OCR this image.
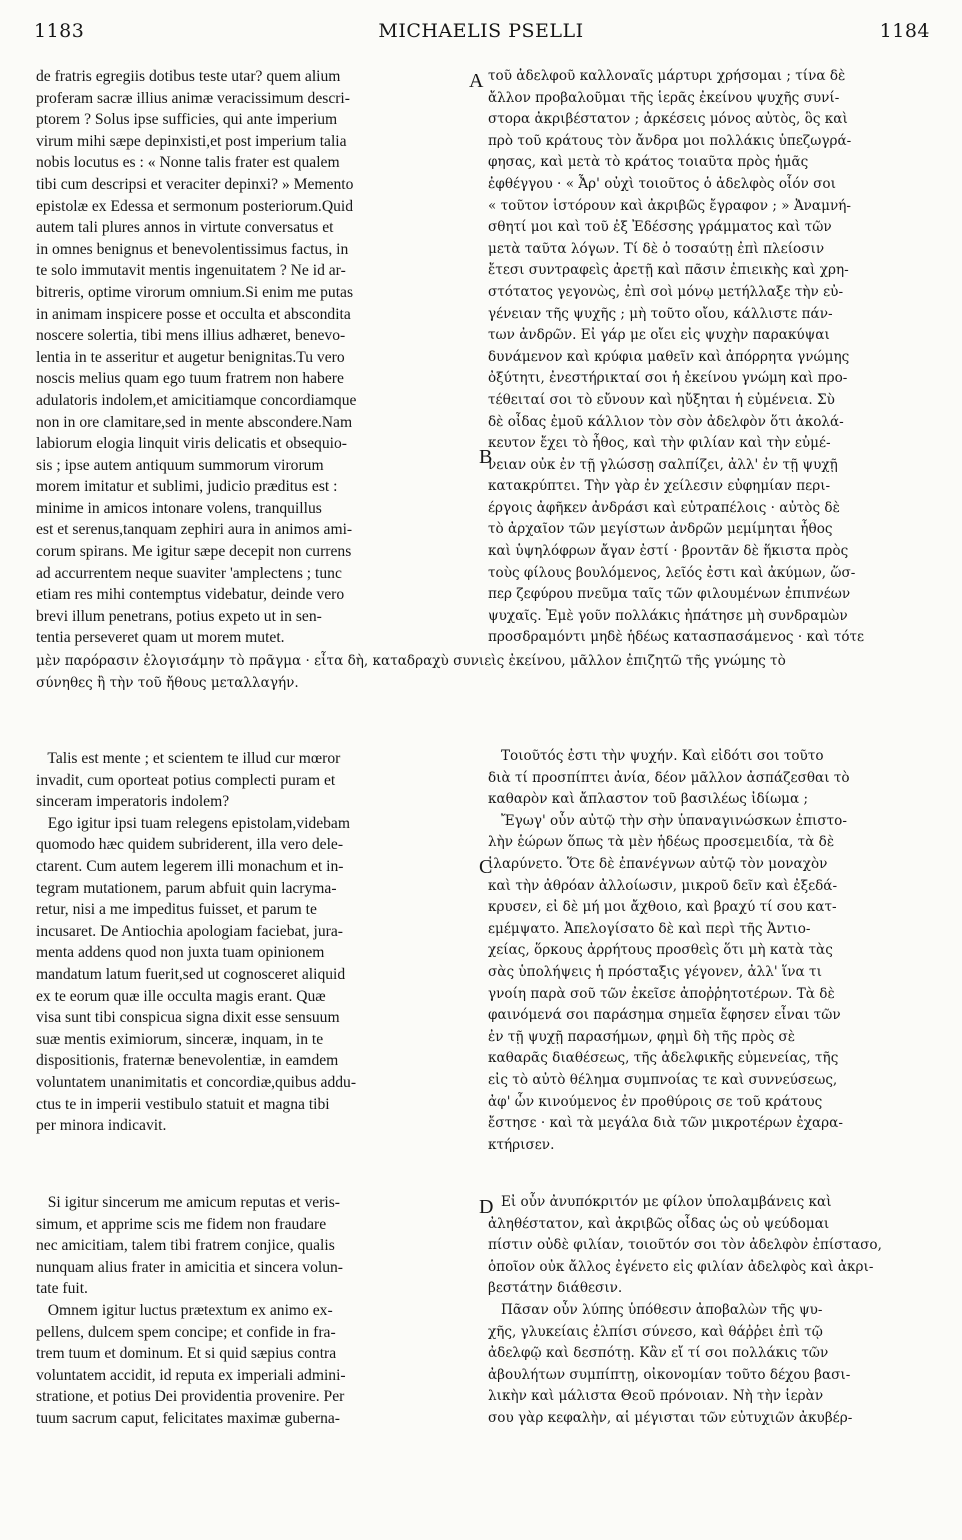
1183	MICHAELIS PSELLI	1184
A
B
C
D

de fratris egregiis dotibus teste utar? quem alium

proferam sacræ illius animæ veracissimum descri-

ptorem ? Solus ipse sufficies, qui ante imperium

virum mihi sæpe depinxisti,et post imperium talia

nobis locutus es : « Nonne talis frater est qualem

tibi cum descripsi et veraciter depinxi? » Memento

epistolæ ex Edessa et sermonum posteriorum.Quid

autem tali plures annos in virtute conversatus et

in omnes benignus et benevolentissimus factus, in

te solo immutavit mentis ingenuitatem ? Ne id ar-

bitreris, optime virorum omnium.Si enim me putas

in animam inspicere posse et occulta et abscondita

noscere solertia, tibi mens illius adhæret, benevo-

lentia in te asseritur et augetur benignitas.Tu vero

noscis melius quam ego tuum fratrem non habere

adulatoris indolem,et amicitiamque concordiamque

non in ore clamitare,sed in mente abscondere.Nam

labiorum elogia linquit viris delicatis et obsequio-

sis ; ipse autem antiquum summorum virorum

morem imitatur et sublimi, judicio præditus est :

minime in amicos intonare volens, tranquillus

est et serenus,tanquam zephiri aura in animos ami-

corum spirans. Me igitur sæpe decepit non currens

ad accurrentem neque suaviter 'amplectens ; tunc

etiam res mihi contemptus videbatur, deinde vero

brevi illum penetrans, potius expeto ut in sen-

tentia perseveret quam ut morem mutet.

τοῦ ἀδελφοῦ καλλοναῖς μάρτυρι χρήσομαι ; τίνα δὲ

ἄλλον προβαλοῦμαι τῆς ἱερᾶς ἐκείνου ψυχῆς συνί-

στορα ἀκριβέστατον ; ἀρκέσεις μόνος αὐτὸς, ὃς καὶ

πρὸ τοῦ κράτους τὸν ἄνδρα μοι πολλάκις ὑπεζωγρά-

φησας, καὶ μετὰ τὸ κράτος τοιαῦτα πρὸς ἡμᾶς

ἐφθέγγου · « Ἆρ' οὐχὶ τοιοῦτος ὁ ἀδελφὸς οἷόν σοι

« τοῦτον ἱστόρουν καὶ ἀκριβῶς ἔγραφον ; » Ἀναμνή-

σθητί μοι καὶ τοῦ ἐξ Ἐδέσσης γράμματος καὶ τῶν

μετὰ ταῦτα λόγων. Τί δὲ ὁ τοσαύτῃ ἐπὶ πλείοσιν

ἔτεσι συντραφεὶς ἀρετῇ καὶ πᾶσιν ἐπιεικὴς καὶ χρη-

στότατος γεγονὼς, ἐπὶ σοὶ μόνῳ μετήλλαξε τὴν εὐ-

γένειαν τῆς ψυχῆς ; μὴ τοῦτο οἴου, κάλλιστε πάν-

των ἀνδρῶν. Εἰ γάρ με οἴει εἰς ψυχὴν παρακύψαι

δυνάμενον καὶ κρύφια μαθεῖν καὶ ἀπόρρητα γνώμης

ὀξύτητι, ἐνεστήρικταί σοι ἡ ἐκείνου γνώμη καὶ προ-

τέθειταί σοι τὸ εὔνουν καὶ ηὔξηται ἡ εὐμένεια. Σὺ

δὲ οἶδας ἐμοῦ κάλλιον τὸν σὸν ἀδελφὸν ὅτι ἀκολά-

κευτον ἔχει τὸ ἦθος, καὶ τὴν φιλίαν καὶ τὴν εὐμέ-

νειαν οὐκ ἐν τῇ γλώσσῃ σαλπίζει, ἀλλ' ἐν τῇ ψυχῇ

κατακρύπτει. Τὴν γὰρ ἐν χείλεσιν εὐφημίαν περι-

έργοις ἀφῆκεν ἀνδράσι καὶ εὐτραπέλοις · αὐτὸς δὲ

τὸ ἀρχαῖον τῶν μεγίστων ἀνδρῶν μεμίμηται ἦθος

καὶ ὑψηλόφρων ἄγαν ἐστί · βροντᾶν δὲ ἥκιστα πρὸς

τοὺς φίλους βουλόμενος, λεῖός ἐστι καὶ ἀκύμων, ὥσ-

περ ζεφύρου πνεῦμα ταῖς τῶν φιλουμένων ἐπιπνέων

ψυχαῖς. Ἐμὲ γοῦν πολλάκις ἠπάτησε μὴ συνδραμὼν

προσδραμόντι μηδὲ ἡδέως κατασπασάμενος · καὶ τότε

μὲν παρόρασιν ἐλογισάμην τὸ πρᾶγμα · εἶτα δὴ, καταδραχὺ συνιεὶς ἐκείνου, μᾶλλον ἐπιζητῶ τῆς γνώμης τὸ

σύνηθες ἢ τὴν τοῦ ἤθους μεταλλαγήν.

Talis est mente ; et scientem te illud cur mœror

invadit, cum oporteat potius complecti puram et

sinceram imperatoris indolem?

Ego igitur ipsi tuam relegens epistolam,videbam

quomodo hæc quidem subriderent, illa vero dele-

ctarent. Cum autem legerem illi monachum et in-

tegram mutationem, parum abfuit quin lacryma-

retur, nisi a me impeditus fuisset, et parum te

incusaret. De Antiochia apologiam faciebat, jura-

menta addens quod non juxta tuam opinionem

mandatum latum fuerit,sed ut cognosceret aliquid

ex te eorum quæ ille occulta magis erant. Quæ

visa sunt tibi conspicua signa dixit esse sensuum

suæ mentis eximiorum, sinceræ, inquam, in te

dispositionis, fraternæ benevolentiæ, in eamdem

voluntatem unanimitatis et concordiæ,quibus addu-

ctus te in imperii vestibulo statuit et magna tibi

per minora indicavit.

Τοιοῦτός ἐστι τὴν ψυχήν. Καὶ εἰδότι σοι τοῦτο

διὰ τί προσπίπτει ἀνία, δέον μᾶλλον ἀσπάζεσθαι τὸ

καθαρὸν καὶ ἄπλαστον τοῦ βασιλέως ἰδίωμα ;

Ἔγωγ' οὖν αὐτῷ τὴν σὴν ὑπαναγινώσκων ἐπιστο-

λὴν ἑώρων ὅπως τὰ μὲν ἡδέως προσεμειδία, τὰ δὲ

ἱλαρύνετο. Ὅτε δὲ ἐπανέγνων αὐτῷ τὸν μοναχὸν

καὶ τὴν ἀθρόαν ἀλλοίωσιν, μικροῦ δεῖν καὶ ἐξεδά-

κρυσεν, εἰ δὲ μή μοι ἄχθοιο, καὶ βραχύ τί σου κατ-

εμέμψατο. Ἀπελογίσατο δὲ καὶ περὶ τῆς Ἀντιο-

χείας, ὅρκους ἀρρήτους προσθεὶς ὅτι μὴ κατὰ τὰς

σὰς ὑπολήψεις ἡ πρόσταξις γέγονεν, ἀλλ' ἵνα τι

γνοίη παρὰ σοῦ τῶν ἐκεῖσε ἀποῤῥητοτέρων. Τὰ δὲ

φαινόμενά σοι παράσημα σημεῖα ἔφησεν εἶναι τῶν

ἐν τῇ ψυχῇ παρασήμων, φημὶ δὴ τῆς πρὸς σὲ

καθαρᾶς διαθέσεως, τῆς ἀδελφικῆς εὐμενείας, τῆς

εἰς τὸ αὐτὸ θέλημα συμπνοίας τε καὶ συννεύσεως,

ἀφ' ὧν κινούμενος ἐν προθύροις σε τοῦ κράτους

ἔστησε · καὶ τὰ μεγάλα διὰ τῶν μικροτέρων ἐχαρα-

κτήρισεν.

Si igitur sincerum me amicum reputas et veris-

simum, et apprime scis me fidem non fraudare

nec amicitiam, talem tibi fratrem conjice, qualis

nunquam alius frater in amicitia et sincera volun-

tate fuit.

Omnem igitur luctus prætextum ex animo ex-

pellens, dulcem spem concipe; et confide in fra-

trem tuum et dominum. Et si quid sæpius contra

voluntatem accidit, id reputa ex imperiali admini-

stratione, et potius Dei providentia provenire. Per

tuum sacrum caput, felicitates maximæ guberna-

Εἰ οὖν ἀνυπόκριτόν με φίλον ὑπολαμβάνεις καὶ

ἀληθέστατον, καὶ ἀκριβῶς οἶδας ὡς οὐ ψεύδομαι

πίστιν οὐδὲ φιλίαν, τοιοῦτόν σοι τὸν ἀδελφὸν ἐπίστασο,

ὁποῖον οὐκ ἄλλος ἐγένετο εἰς φιλίαν ἀδελφὸς καὶ ἀκρι-

βεστάτην διάθεσιν.

Πᾶσαν οὖν λύπης ὑπόθεσιν ἀποβαλὼν τῆς ψυ-

χῆς, γλυκείαις ἐλπίσι σύνεσο, καὶ θάῤῥει ἐπὶ τῷ

ἀδελφῷ καὶ δεσπότῃ. Κἂν εἴ τί σοι πολλάκις τῶν

ἀβουλήτων συμπίπτῃ, οἰκονομίαν τοῦτο δέχου βασι-

λικὴν καὶ μάλιστα Θεοῦ πρόνοιαν. Νὴ τὴν ἱερὰν

σου γὰρ κεφαλὴν, αἱ μέγισται τῶν εὐτυχιῶν ἀκυβέρ-
